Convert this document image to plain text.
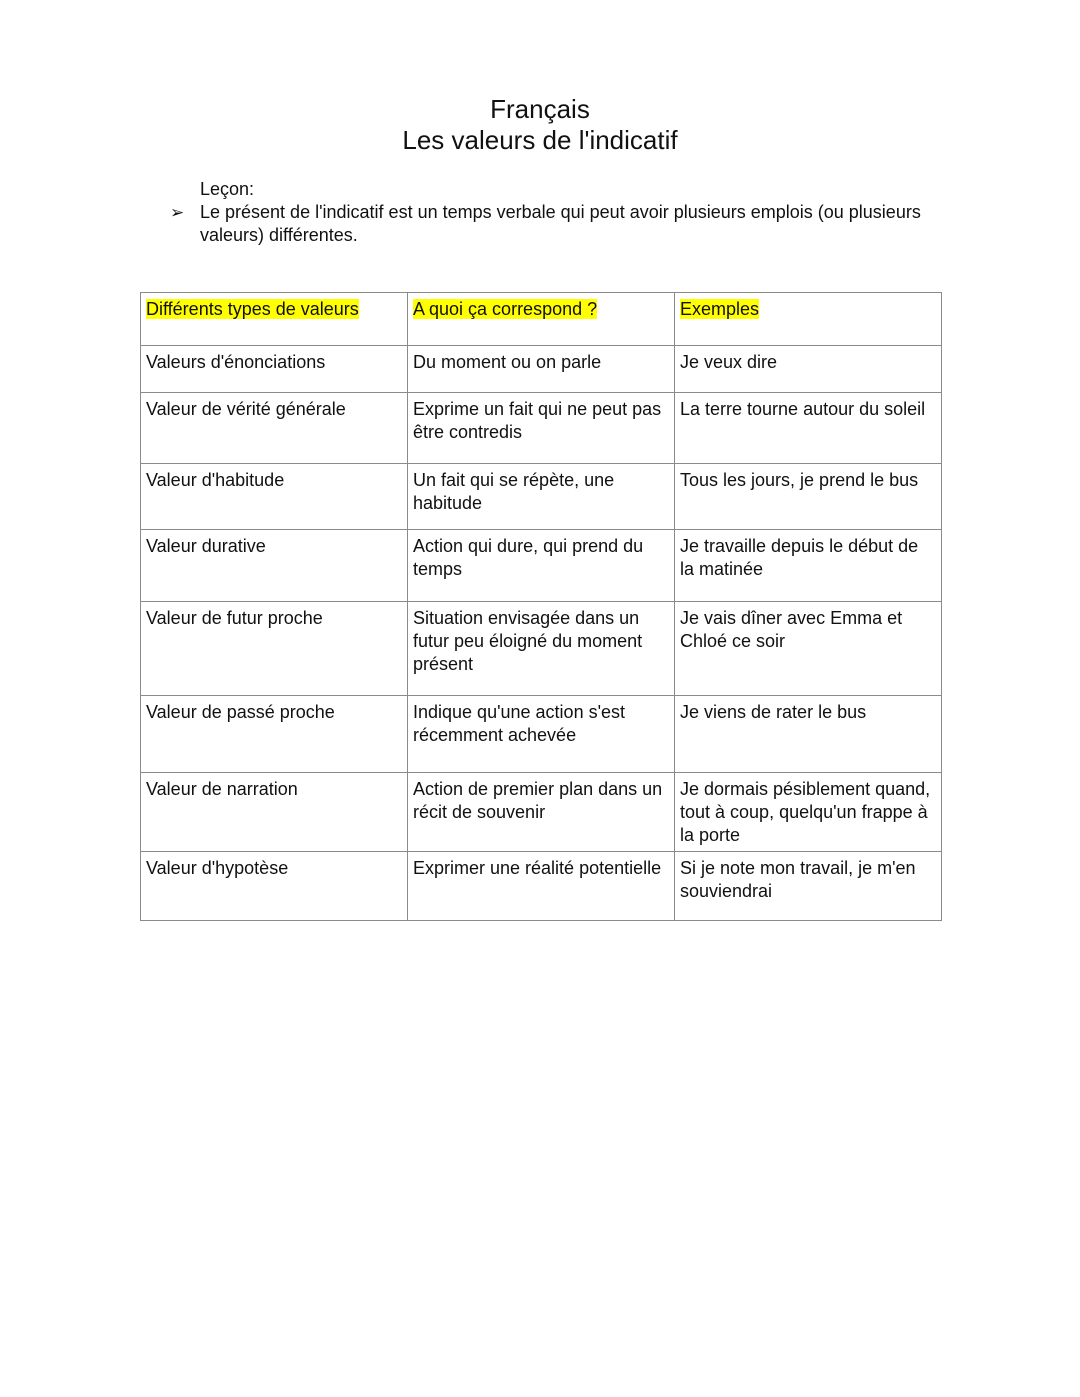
Français
Les valeurs de l'indicatif
Leçon:
➢ Le présent de l'indicatif est un temps verbale qui peut avoir plusieurs emplois (ou plusieurs valeurs) différentes.
Différents types de valeurs	A quoi ça correspond ?	Exemples
Valeurs d'énonciations	Du moment ou on parle	Je veux dire
Valeur de vérité générale	Exprime un fait qui ne peut pas être contredis	La terre tourne autour du soleil
Valeur d'habitude	Un fait qui se répète, une habitude	Tous les jours, je prend le bus
Valeur durative	Action qui dure, qui prend du temps	Je travaille depuis le début de la matinée
Valeur de futur proche	Situation envisagée dans un futur peu éloigné du moment présent	Je vais dîner avec Emma et Chloé ce soir
Valeur de passé proche	Indique qu'une action s'est récemment achevée	Je viens de rater le bus
Valeur de narration	Action de premier plan dans un récit de souvenir	Je dormais pésiblement quand, tout à coup, quelqu'un frappe à la porte
Valeur d'hypotèse	Exprimer une réalité potentielle	Si je note mon travail, je m'en souviendrai
